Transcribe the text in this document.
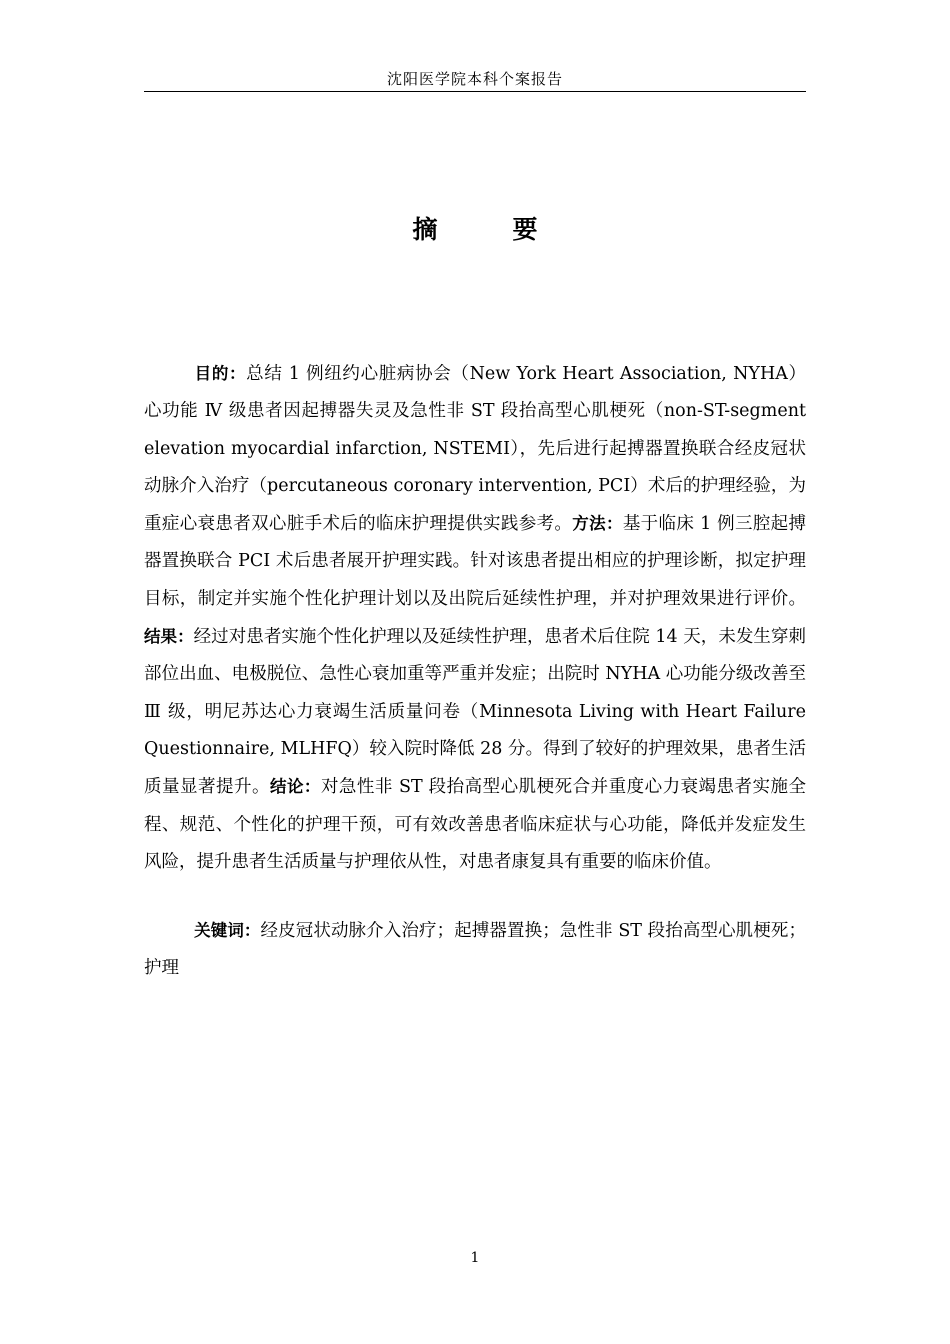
沈阳医学院本科个案报告
摘　要

目的：总结 1 例纽约心脏病协会（New York Heart Association, NYHA）心功能 Ⅳ 级患者因起搏器失灵及急性非 ST 段抬高型心肌梗死（non-ST-segment elevation myocardial infarction, NSTEMI），先后进行起搏器置换联合经皮冠状动脉介入治疗（percutaneous coronary intervention, PCI）术后的护理经验，为重症心衰患者双心脏手术后的临床护理提供实践参考。方法：基于临床 1 例三腔起搏器置换联合 PCI 术后患者展开护理实践。针对该患者提出相应的护理诊断，拟定护理目标，制定并实施个性化护理计划以及出院后延续性护理，并对护理效果进行评价。结果：经过对患者实施个性化护理以及延续性护理，患者术后住院 14 天，未发生穿刺部位出血、电极脱位、急性心衰加重等严重并发症；出院时 NYHA 心功能分级改善至 Ⅲ 级，明尼苏达心力衰竭生活质量问卷（Minnesota Living with Heart Failure Questionnaire, MLHFQ）较入院时降低 28 分。得到了较好的护理效果，患者生活质量显著提升。结论：对急性非 ST 段抬高型心肌梗死合并重度心力衰竭患者实施全程、规范、个性化的护理干预，可有效改善患者临床症状与心功能，降低并发症发生风险，提升患者生活质量与护理依从性，对患者康复具有重要的临床价值。

关键词：经皮冠状动脉介入治疗；起搏器置换；急性非 ST 段抬高型心肌梗死；护理

1
